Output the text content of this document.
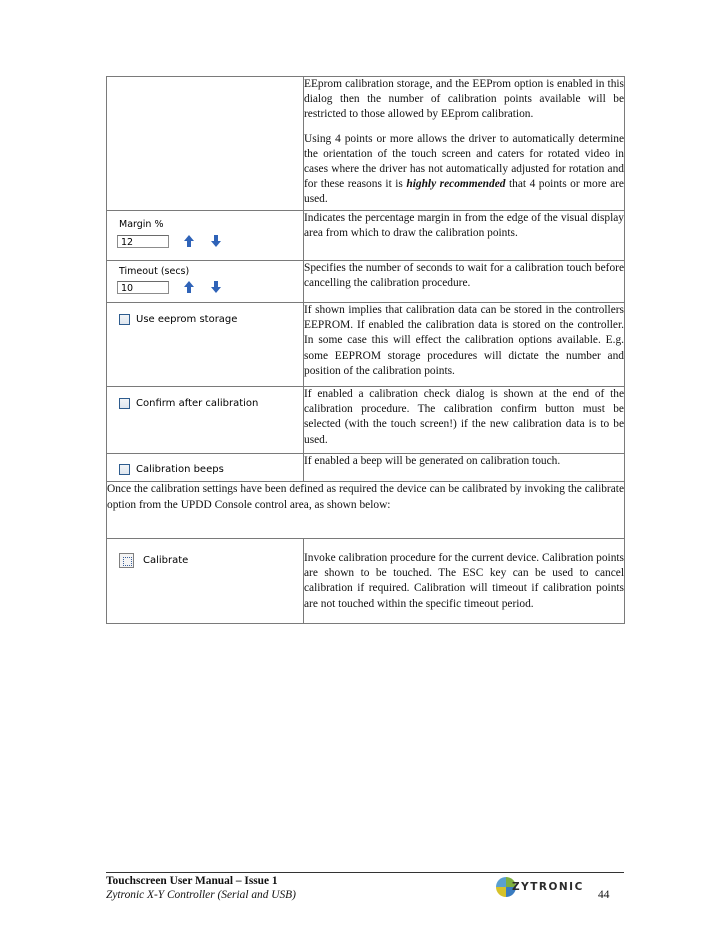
	EEprom calibration storage, and the EEProm option is enabled in this dialog then the number of calibration points available will be restricted to those allowed by EEprom calibration.

Using 4 points or more allows the driver to automatically determine the orientation of the touch screen and caters for rotated video in cases where the driver has not automatically adjusted for rotation and for these reasons it is highly recommended that 4 points or more are used.

Margin %
12	Indicates the percentage margin in from the edge of the visual display area from which to draw the calibration points.

Timeout (secs)
10	Specifies the number of seconds to wait for a calibration touch before cancelling the calibration procedure.

Use eeprom storage	If shown implies that calibration data can be stored in the controllers EEPROM. If enabled the calibration data is stored on the controller. In some case this will effect the calibration options available. E.g. some EEPROM storage procedures will dictate the number and position of the calibration points.

Confirm after calibration	If enabled a calibration check dialog is shown at the end of the calibration procedure. The calibration confirm button must be selected (with the touch screen!) if the new calibration data is to be used.

Calibration beeps	If enabled a beep will be generated on calibration touch.

Once the calibration settings have been defined as required the device can be calibrated by invoking the calibrate option from the UPDD Console control area, as shown below:	

Calibrate	Invoke calibration procedure for the current device. Calibration points are shown to be touched. The ESC key can be used to cancel calibration if required. Calibration will timeout if calibration points are not touched within the specific timeout period.

Touchscreen User Manual – Issue 1
Zytronic X-Y Controller (Serial and USB)
ZYTRONIC
44
